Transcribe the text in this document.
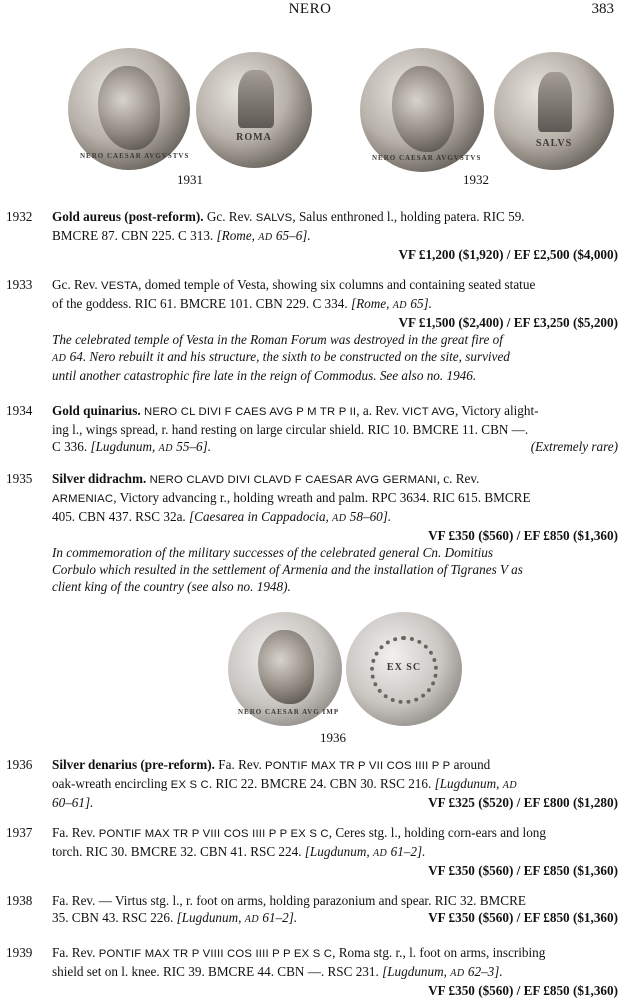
NERO	383
NERO CAESAR AVGVSTVS
ROMA
NERO CAESAR AVGVSTVS
SALVS
1931	1932
1932 Gold aureus (post-reform). Gc. Rev. SALVS, Salus enthroned l., holding patera. RIC 59.
BMCRE 87. CBN 225. C 313. [Rome, AD 65–6].
VF £1,200 ($1,920) / EF £2,500 ($4,000)
1933 Gc. Rev. VESTA, domed temple of Vesta, showing six columns and containing seated statue
of the goddess. RIC 61. BMCRE 101. CBN 229. C 334. [Rome, AD 65].
VF £1,500 ($2,400) / EF £3,250 ($5,200)
The celebrated temple of Vesta in the Roman Forum was destroyed in the great fire of
AD 64. Nero rebuilt it and his structure, the sixth to be constructed on the site, survived
until another catastrophic fire late in the reign of Commodus. See also no. 1946.
1934 Gold quinarius. NERO CL DIVI F CAES AVG P M TR P II, a. Rev. VICT AVG, Victory alight-
ing l., wings spread, r. hand resting on large circular shield. RIC 10. BMCRE 11. CBN —.
C 336. [Lugdunum, AD 55–6].	(Extremely rare)
1935 Silver didrachm. NERO CLAVD DIVI CLAVD F CAESAR AVG GERMANI, c. Rev.
ARMENIAC, Victory advancing r., holding wreath and palm. RPC 3634. RIC 615. BMCRE
405. CBN 437. RSC 32a. [Caesarea in Cappadocia, AD 58–60].
VF £350 ($560) / EF £850 ($1,360)
In commemoration of the military successes of the celebrated general Cn. Domitius
Corbulo which resulted in the settlement of Armenia and the installation of Tigranes V as
client king of the country (see also no. 1948).
NERO CAESAR AVG IMP
EX SC
1936
1936 Silver denarius (pre-reform). Fa. Rev. PONTIF MAX TR P VII COS IIII P P around
oak-wreath encircling EX S C. RIC 22. BMCRE 24. CBN 30. RSC 216. [Lugdunum, AD
60–61].	VF £325 ($520) / EF £800 ($1,280)
1937 Fa. Rev. PONTIF MAX TR P VIII COS IIII P P EX S C, Ceres stg. l., holding corn-ears and long
torch. RIC 30. BMCRE 32. CBN 41. RSC 224. [Lugdunum, AD 61–2].
VF £350 ($560) / EF £850 ($1,360)
1938 Fa. Rev. — Virtus stg. l., r. foot on arms, holding parazonium and spear. RIC 32. BMCRE
35. CBN 43. RSC 226. [Lugdunum, AD 61–2].	VF £350 ($560) / EF £850 ($1,360)
1939 Fa. Rev. PONTIF MAX TR P VIIII COS IIII P P EX S C, Roma stg. r., l. foot on arms, inscribing
shield set on l. knee. RIC 39. BMCRE 44. CBN —. RSC 231. [Lugdunum, AD 62–3].
VF £350 ($560) / EF £850 ($1,360)
